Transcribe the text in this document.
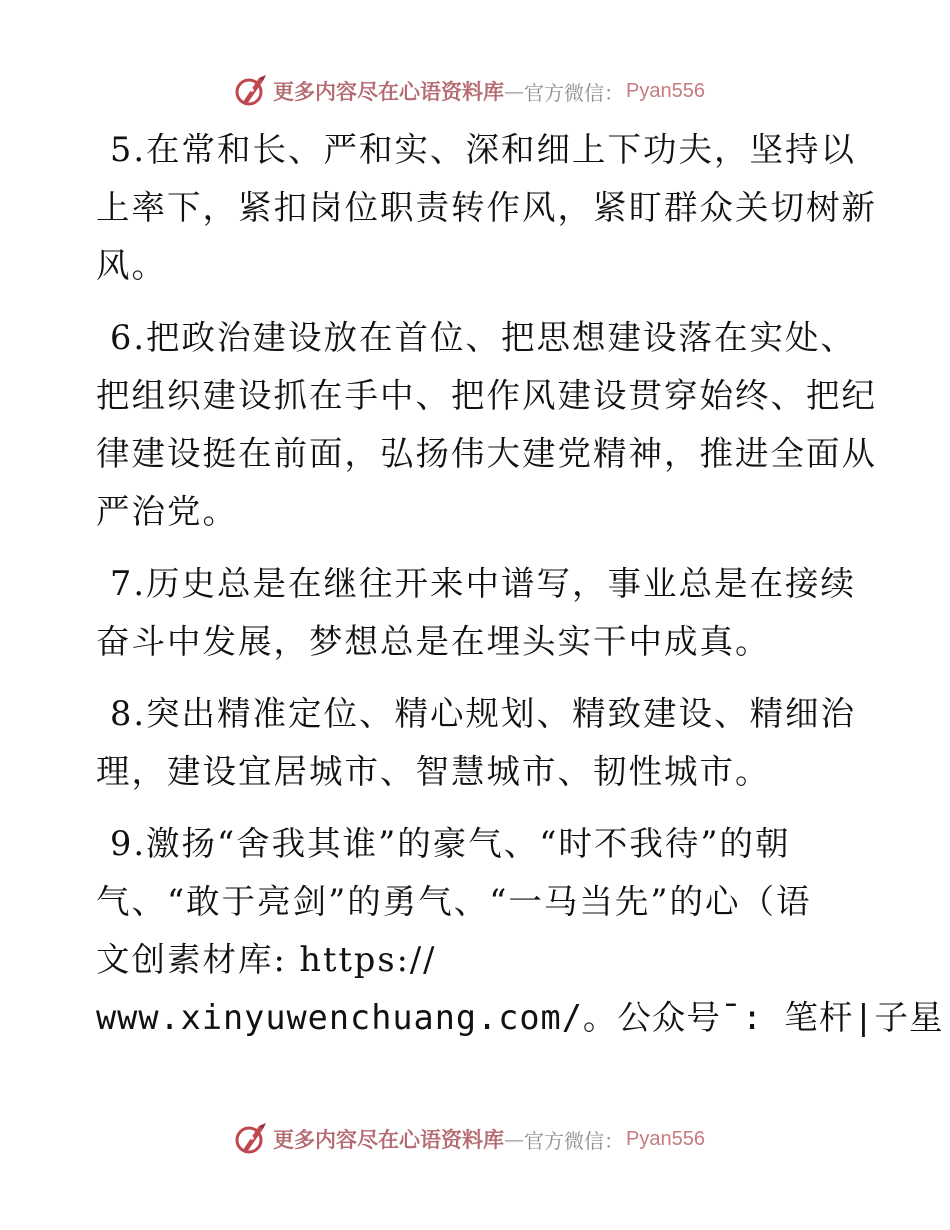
更多内容尽在心语资料库 — 官方微信： Pyan556
5.在常和长、严和实、深和细上下功夫，坚持以
上率下，紧扣岗位职责转作风，紧盯群众关切树新
风。
6.把政治建设放在首位、把思想建设落在实处、
把组织建设抓在手中、把作风建设贯穿始终、把纪
律建设挺在前面，弘扬伟大建党精神，推进全面从
严治党。
7.历史总是在继往开来中谱写，事业总是在接续
奋斗中发展，梦想总是在埋头实干中成真。
8.突出精准定位、精心规划、精致建设、精细治
理，建设宜居城市、智慧城市、韧性城市。
9.激扬“舍我其谁”的豪气、“时不我待”的朝
气、“敢于亮剑”的勇气、“一马当先”的心（语
文创素材库: https://
www.xinyuwenchuang.com/。公众号¯: 笔杆|子星
更多内容尽在心语资料库 — 官方微信： Pyan556
